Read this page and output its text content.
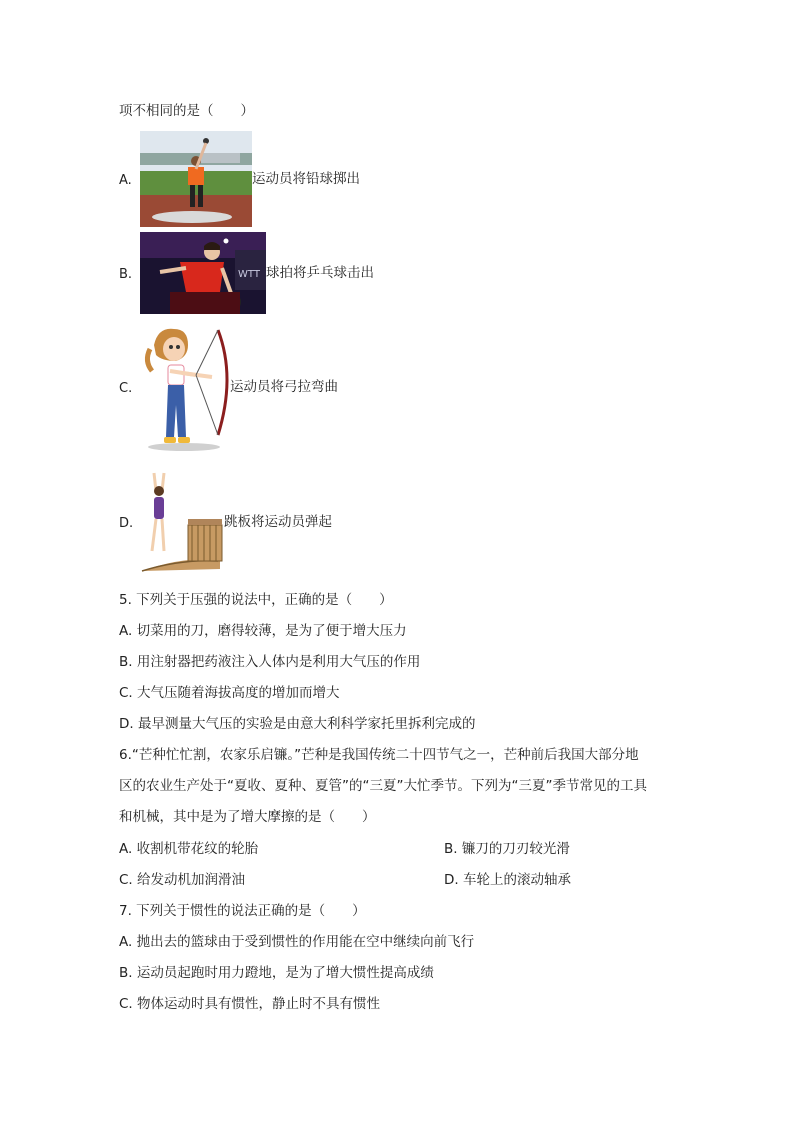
项不相同的是（　　）
A.	运动员将铅球掷出
B.	WTT 球拍将乒乓球击出
C.	运动员将弓拉弯曲
D.	跳板将运动员弹起
5. 下列关于压强的说法中，正确的是（　　）
A. 切菜用的刀，磨得较薄，是为了便于增大压力
B. 用注射器把药液注入人体内是利用大气压的作用
C. 大气压随着海拔高度的增加而增大
D. 最早测量大气压的实验是由意大利科学家托里拆利完成的
6.“芒种忙忙割，农家乐启镰。”芒种是我国传统二十四节气之一，芒种前后我国大部分地
区的农业生产处于“夏收、夏种、夏管”的“三夏”大忙季节。下列为“三夏”季节常见的工具
和机械，其中是为了增大摩擦的是（　　）
A. 收割机带花纹的轮胎	B. 镰刀的刀刃较光滑
C. 给发动机加润滑油	D. 车轮上的滚动轴承
7. 下列关于惯性的说法正确的是（　　）
A. 抛出去的篮球由于受到惯性的作用能在空中继续向前飞行
B. 运动员起跑时用力蹬地，是为了增大惯性提高成绩
C. 物体运动时具有惯性，静止时不具有惯性
